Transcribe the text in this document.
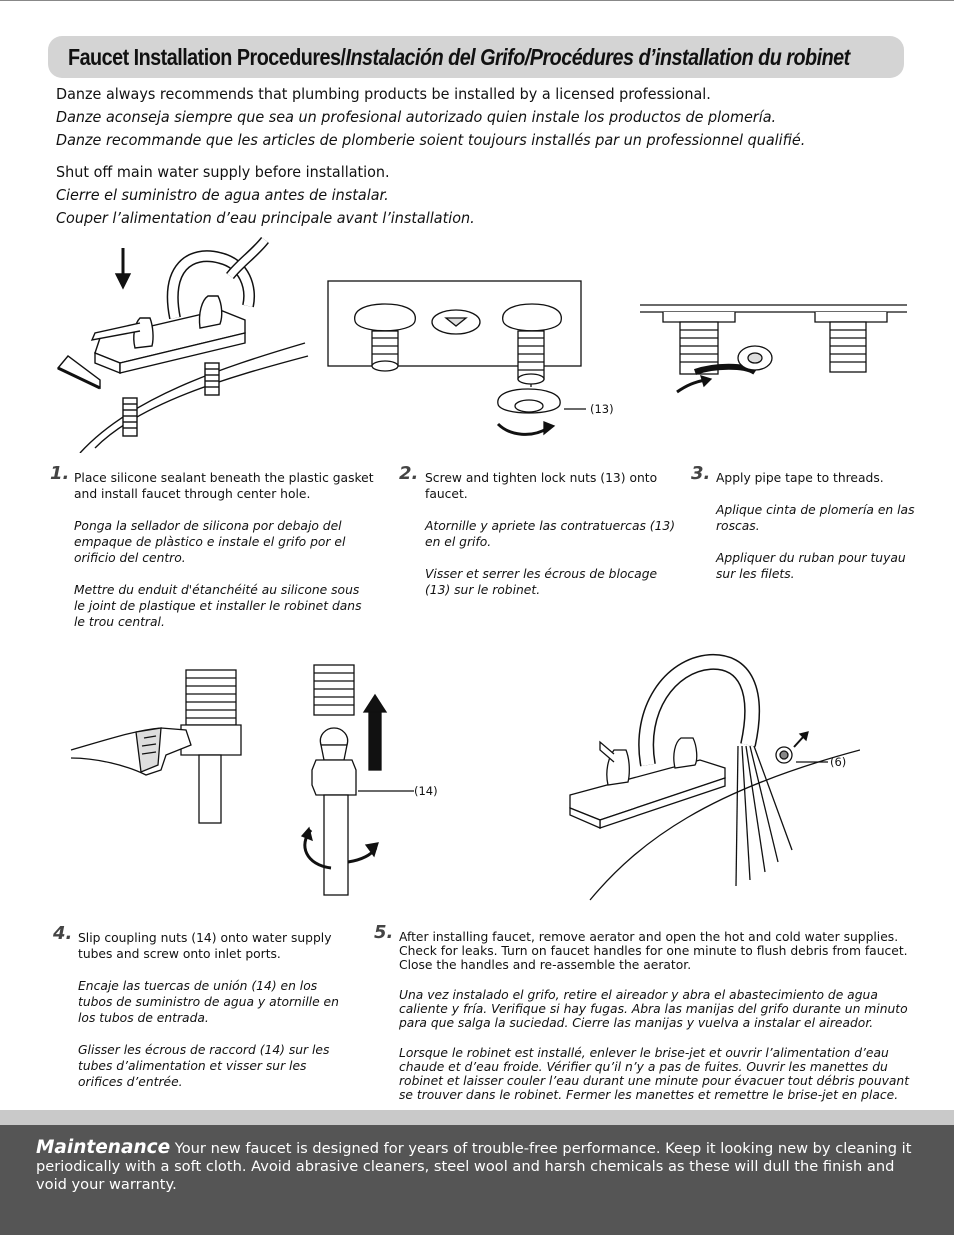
Faucet Installation Procedures/Instalación del Grifo/Procédures d’installation du robinet

Danze always recommends that plumbing products be installed by a licensed professional.

Danze aconseja siempre que sea un profesional autorizado quien instale los productos de plomería.

Danze recommande que les articles de plomberie soient toujours installés par un professionnel qualifié.

Shut off main water supply before installation.

Cierre el suministro de agua antes de instalar.

Couper l’alimentation d’eau principale avant l’installation.

(13)
1. Place silicone sealant beneath the plastic gasket and install faucet through center hole.

Ponga la sellador de silicona por debajo del empaque de plàstico e instale el grifo por el orificio del centro.

Mettre du enduit d'étanchéité au silicone sous le joint de plastique et installer le robinet dans le trou central.

2. Screw and tighten lock nuts (13) onto faucet.

Atornille y apriete las contratuercas (13) en el grifo.

Visser et serrer les écrous de blocage (13) sur le robinet.

3. Apply pipe tape to threads.

Aplique cinta de plomería en las roscas.

Appliquer du ruban pour tuyau sur les filets.

(14)
(6)
4. Slip coupling nuts (14) onto water supply tubes and screw onto inlet ports.

Encaje las tuercas de unión (14) en los tubos de suministro de agua y atornille en los tubos de entrada.

Glisser les écrous de raccord (14) sur les tubes d’alimentation et visser sur les orifices d’entrée.

5. After installing faucet, remove aerator and open the hot and cold water supplies. Check for leaks. Turn on faucet handles for one minute to flush debris from faucet. Close the handles and re-assemble the aerator.

Una vez instalado el grifo, retire el aireador y abra el abastecimiento de agua caliente y fría. Verifique si hay fugas. Abra las manijas del grifo durante un minuto para que salga la suciedad. Cierre las manijas y vuelva a instalar el aireador.

Lorsque le robinet est installé, enlever le brise-jet et ouvrir l’alimentation d’eau chaude et d’eau froide. Vérifier qu’il n’y a pas de fuites. Ouvrir les manettes du robinet et laisser couler l’eau durant une minute pour évacuer tout débris pouvant se trouver dans le robinet. Fermer les manettes et remettre le brise-jet en place.

Maintenance Your new faucet is designed for years of trouble-free performance. Keep it looking new by cleaning it periodically with a soft cloth. Avoid abrasive cleaners, steel wool and harsh chemicals as these will dull the finish and void your warranty.
